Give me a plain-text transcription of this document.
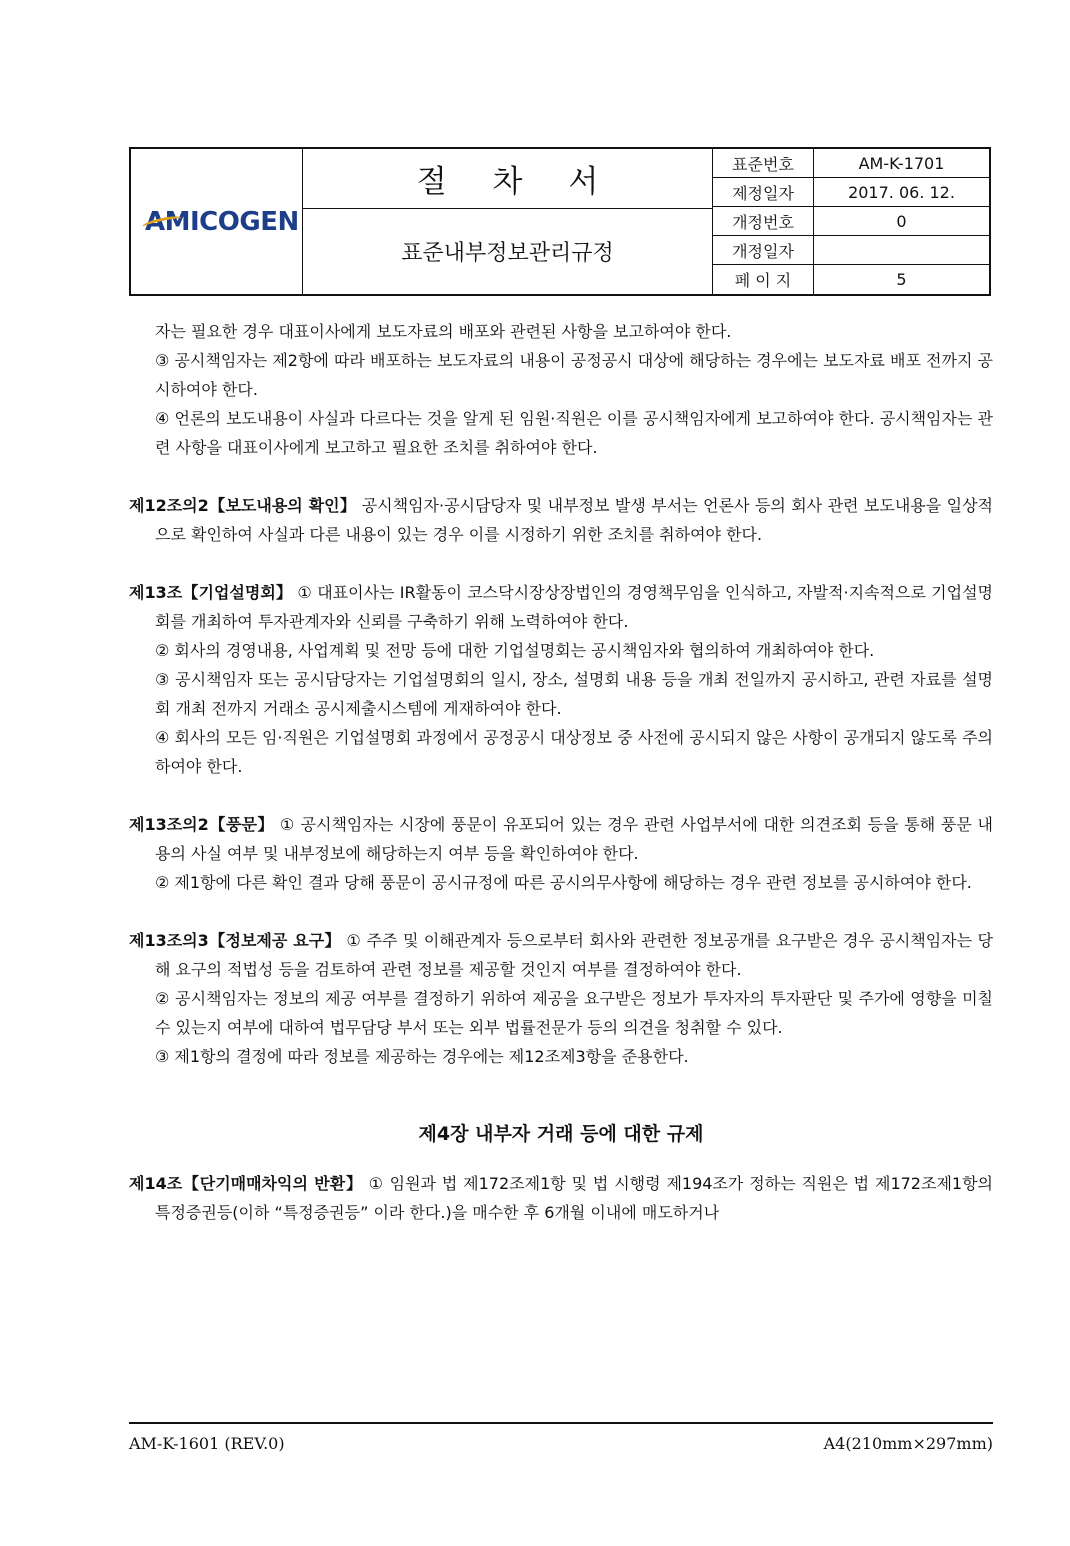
AMICOGEN
절 차 서
표준내부정보관리규정
표준번호	AM-K-1701
제정일자	2017. 06. 12.
개정번호	0
개정일자
페 이 지	5

자는 필요한 경우 대표이사에게 보도자료의 배포와 관련된 사항을 보고하여야 한다.

③ 공시책임자는 제2항에 따라 배포하는 보도자료의 내용이 공정공시 대상에 해당하는 경우에는 보도자료 배포 전까지 공시하여야 한다.

④ 언론의 보도내용이 사실과 다르다는 것을 알게 된 임원·직원은 이를 공시책임자에게 보고하여야 한다. 공시책임자는 관련 사항을 대표이사에게 보고하고 필요한 조치를 취하여야 한다.

제12조의2【보도내용의 확인】 공시책임자·공시담당자 및 내부정보 발생 부서는 언론사 등의 회사 관련 보도내용을 일상적으로 확인하여 사실과 다른 내용이 있는 경우 이를 시정하기 위한 조치를 취하여야 한다.

제13조【기업설명회】 ① 대표이사는 IR활동이 코스닥시장상장법인의 경영책무임을 인식하고, 자발적·지속적으로 기업설명회를 개최하여 투자관계자와 신뢰를 구축하기 위해 노력하여야 한다.

② 회사의 경영내용, 사업계획 및 전망 등에 대한 기업설명회는 공시책임자와 협의하여 개최하여야 한다.

③ 공시책임자 또는 공시담당자는 기업설명회의 일시, 장소, 설명회 내용 등을 개최 전일까지 공시하고, 관련 자료를 설명회 개최 전까지 거래소 공시제출시스템에 게재하여야 한다.

④ 회사의 모든 임·직원은 기업설명회 과정에서 공정공시 대상정보 중 사전에 공시되지 않은 사항이 공개되지 않도록 주의하여야 한다.

제13조의2【풍문】 ① 공시책임자는 시장에 풍문이 유포되어 있는 경우 관련 사업부서에 대한 의견조회 등을 통해 풍문 내용의 사실 여부 및 내부정보에 해당하는지 여부 등을 확인하여야 한다.

② 제1항에 다른 확인 결과 당해 풍문이 공시규정에 따른 공시의무사항에 해당하는 경우 관련 정보를 공시하여야 한다.

제13조의3【정보제공 요구】 ① 주주 및 이해관계자 등으로부터 회사와 관련한 정보공개를 요구받은 경우 공시책임자는 당해 요구의 적법성 등을 검토하여 관련 정보를 제공할 것인지 여부를 결정하여야 한다.

② 공시책임자는 정보의 제공 여부를 결정하기 위하여 제공을 요구받은 정보가 투자자의 투자판단 및 주가에 영향을 미칠 수 있는지 여부에 대하여 법무담당 부서 또는 외부 법률전문가 등의 의견을 청취할 수 있다.

③ 제1항의 결정에 따라 정보를 제공하는 경우에는 제12조제3항을 준용한다.

제4장 내부자 거래 등에 대한 규제

제14조【단기매매차익의 반환】 ① 임원과 법 제172조제1항 및 법 시행령 제194조가 정하는 직원은 법 제172조제1항의 특정증권등(이하 “특정증권등” 이라 한다.)을 매수한 후 6개월 이내에 매도하거나

AM-K-1601 (REV.0)	A4(210mm×297mm)
